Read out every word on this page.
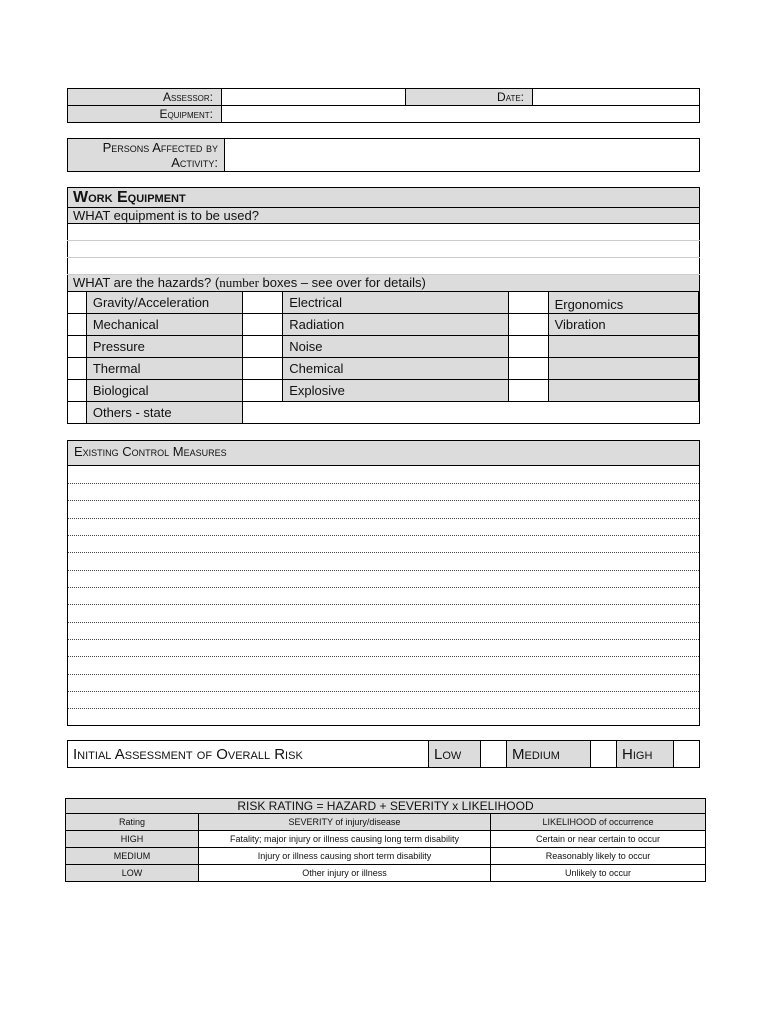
Assessor:		Date:	
Equipment:			
Persons Affected by
Activity:

Work Equipment
WHAT equipment is to be used?

WHAT are the hazards? (number boxes – see over for details)
	Gravity/Acceleration		Electrical		Ergonomics	
	Mechanical		Radiation		Vibration	
	Pressure		Noise			
	Thermal		Chemical			
	Biological		Explosive			
	Others - state					
Existing Control Measures
Initial Assessment of Overall Risk	Low		Medium		High	
RISK RATING = HAZARD + SEVERITY x LIKELIHOOD		
Rating	SEVERITY of injury/disease	LIKELIHOOD of occurrence
HIGH	Fatality; major injury or illness causing long term disability	Certain or near certain to occur
MEDIUM	Injury or illness causing short term disability	Reasonably likely to occur
LOW	Other injury or illness	Unlikely to occur
